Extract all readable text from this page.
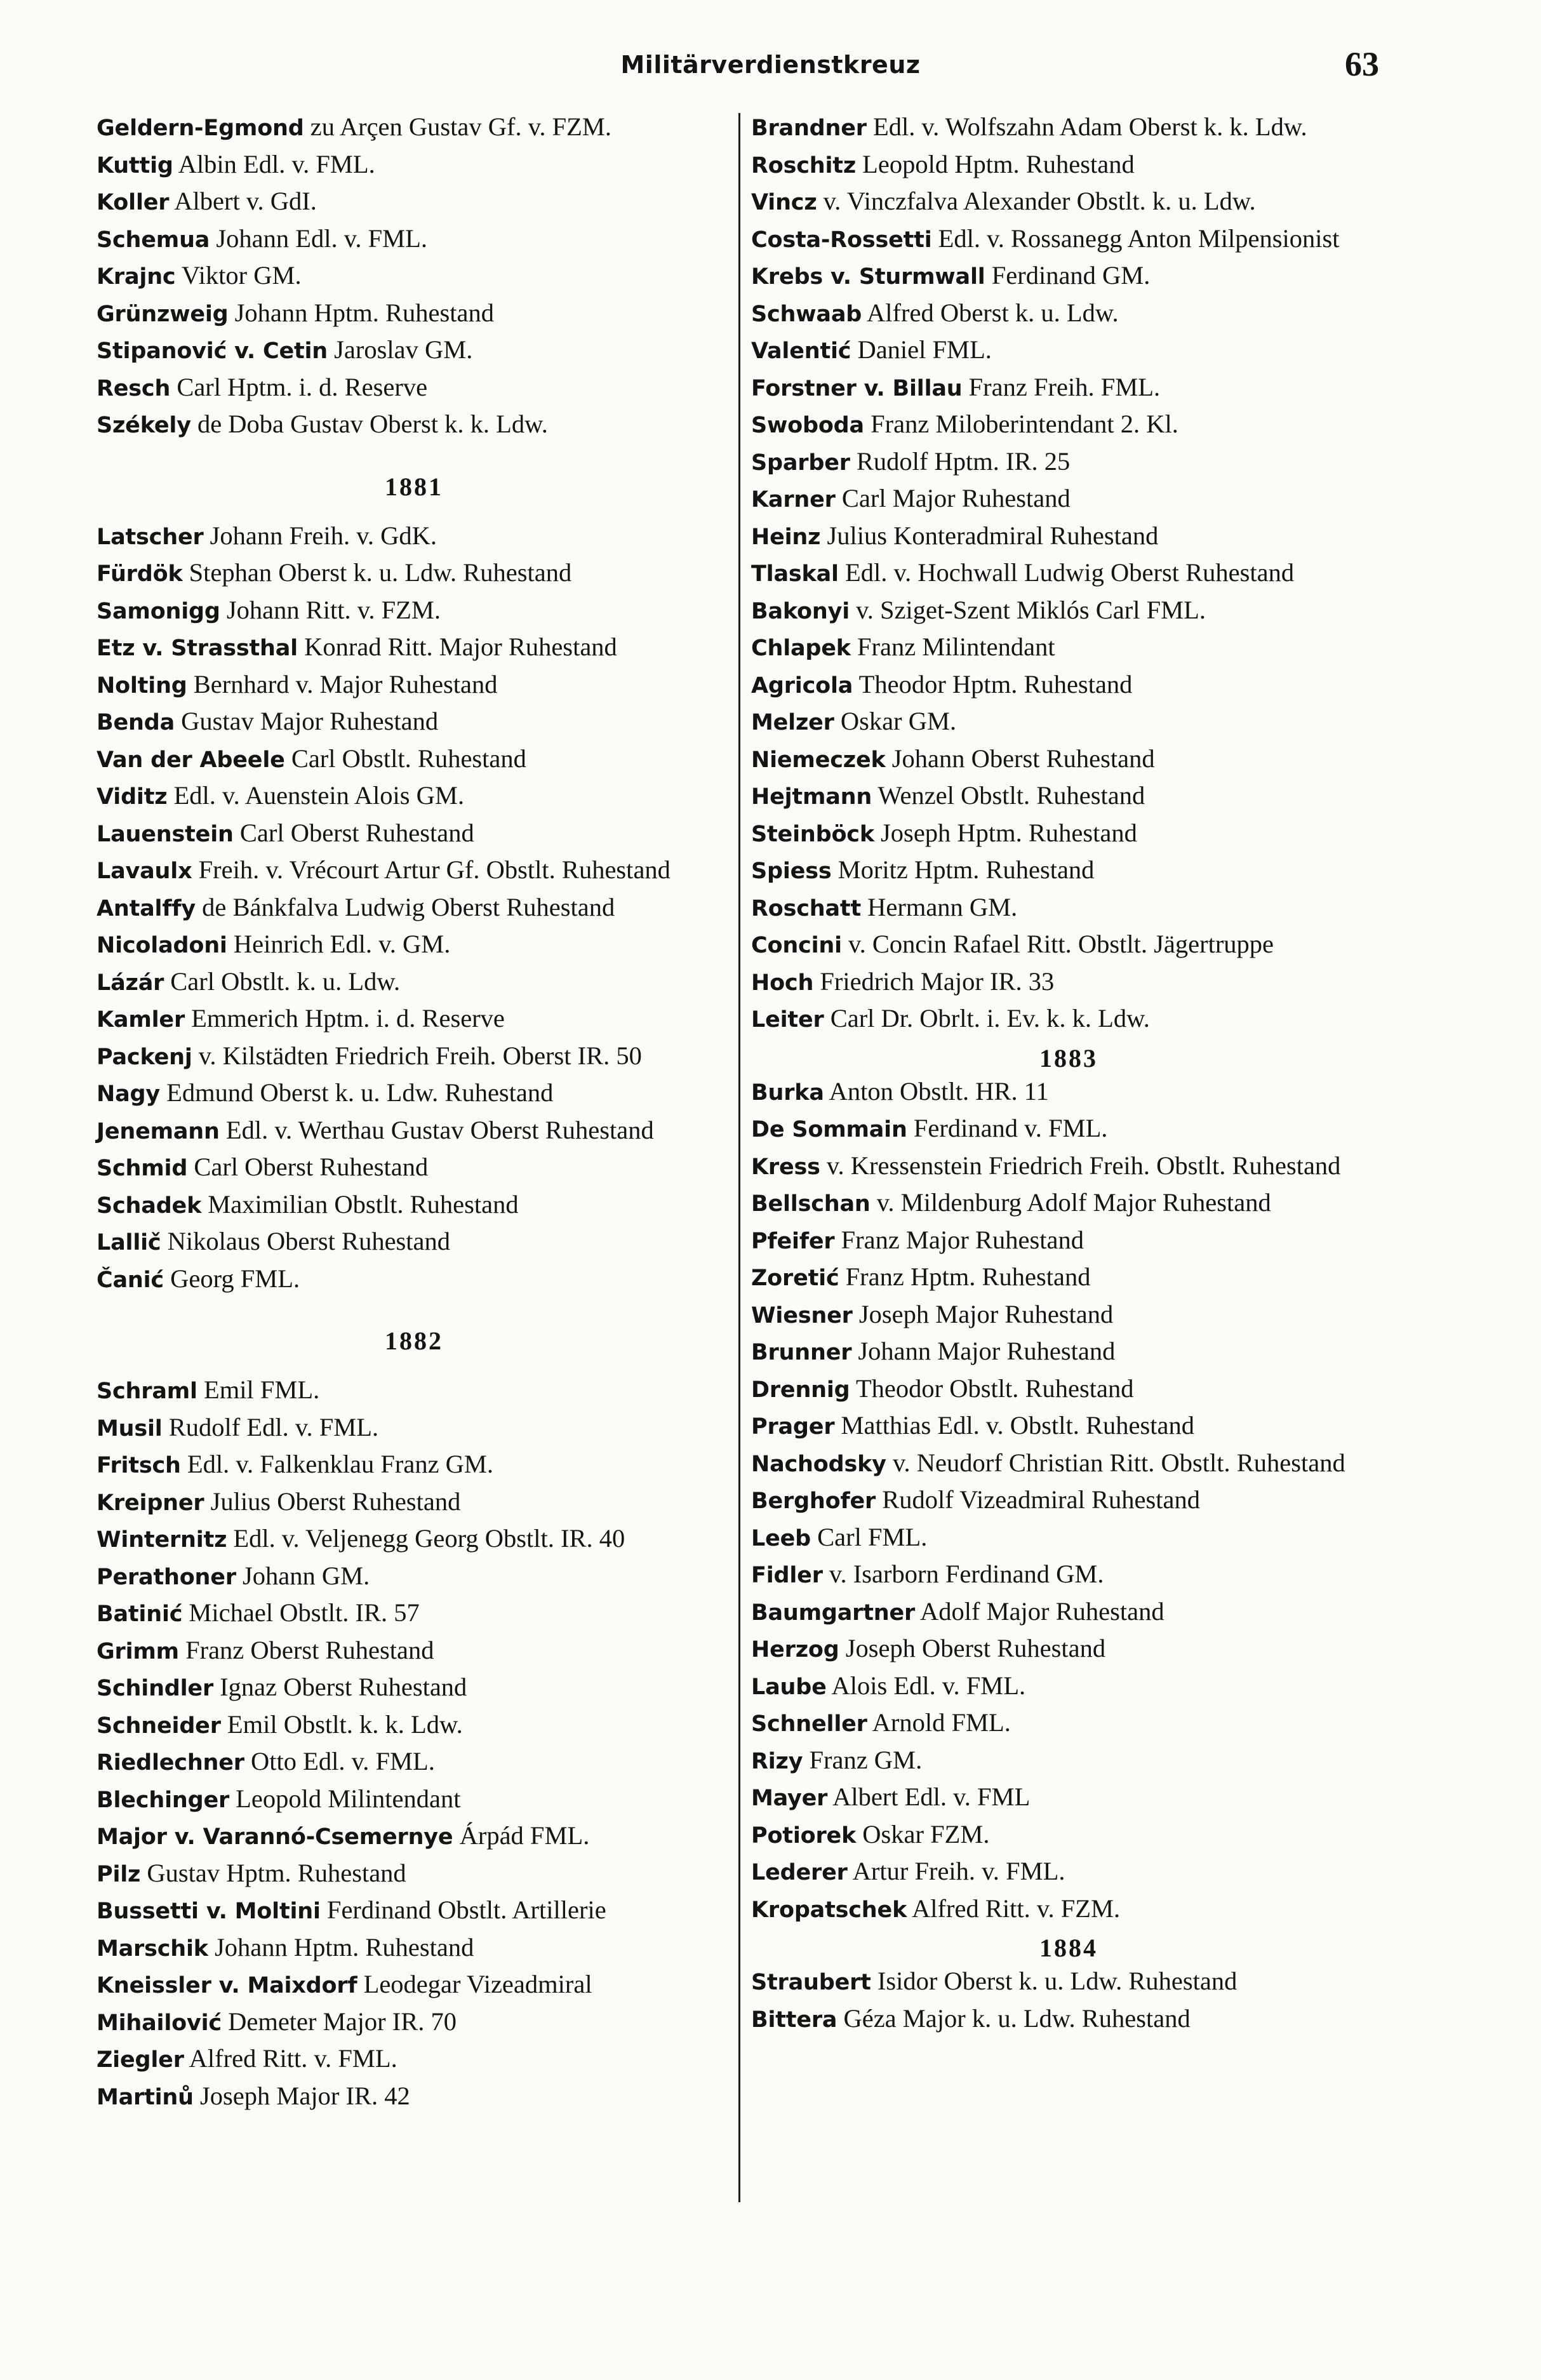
Militärverdienstkreuz	63
Geldern-Egmond zu Arçen Gustav Gf. v. FZM.
Kuttig Albin Edl. v. FML.
Koller Albert v. GdI.
Schemua Johann Edl. v. FML.
Krajnc Viktor GM.
Grünzweig Johann Hptm. Ruhestand
Stipanović v. Cetin Jaroslav GM.
Resch Carl Hptm. i. d. Reserve
Székely de Doba Gustav Oberst k. k. Ldw.
1881
Latscher Johann Freih. v. GdK.
Fürdök Stephan Oberst k. u. Ldw. Ruhestand
Samonigg Johann Ritt. v. FZM.
Etz v. Strassthal Konrad Ritt. Major Ruhestand
Nolting Bernhard v. Major Ruhestand
Benda Gustav Major Ruhestand
Van der Abeele Carl Obstlt. Ruhestand
Viditz Edl. v. Auenstein Alois GM.
Lauenstein Carl Oberst Ruhestand
Lavaulx Freih. v. Vrécourt Artur Gf. Obstlt. Ruhestand
Antalffy de Bánkfalva Ludwig Oberst Ruhestand
Nicoladoni Heinrich Edl. v. GM.
Lázár Carl Obstlt. k. u. Ldw.
Kamler Emmerich Hptm. i. d. Reserve
Packenj v. Kilstädten Friedrich Freih. Oberst IR. 50
Nagy Edmund Oberst k. u. Ldw. Ruhestand
Jenemann Edl. v. Werthau Gustav Oberst Ruhestand
Schmid Carl Oberst Ruhestand
Schadek Maximilian Obstlt. Ruhestand
Lallič Nikolaus Oberst Ruhestand
Čanić Georg FML.
1882
Schraml Emil FML.
Musil Rudolf Edl. v. FML.
Fritsch Edl. v. Falkenklau Franz GM.
Kreipner Julius Oberst Ruhestand
Winternitz Edl. v. Veljenegg Georg Obstlt. IR. 40
Perathoner Johann GM.
Batinić Michael Obstlt. IR. 57
Grimm Franz Oberst Ruhestand
Schindler Ignaz Oberst Ruhestand
Schneider Emil Obstlt. k. k. Ldw.
Riedlechner Otto Edl. v. FML.
Blechinger Leopold Milintendant
Major v. Varannó-Csemernye Árpád FML.
Pilz Gustav Hptm. Ruhestand
Bussetti v. Moltini Ferdinand Obstlt. Artillerie
Marschik Johann Hptm. Ruhestand
Kneissler v. Maixdorf Leodegar Vizeadmiral
Mihailović Demeter Major IR. 70
Ziegler Alfred Ritt. v. FML.
Martinů Joseph Major IR. 42
Brandner Edl. v. Wolfszahn Adam Oberst k. k. Ldw.
Roschitz Leopold Hptm. Ruhestand
Vincz v. Vinczfalva Alexander Obstlt. k. u. Ldw.
Costa-Rossetti Edl. v. Rossanegg Anton Milpensionist
Krebs v. Sturmwall Ferdinand GM.
Schwaab Alfred Oberst k. u. Ldw.
Valentić Daniel FML.
Forstner v. Billau Franz Freih. FML.
Swoboda Franz Miloberintendant 2. Kl.
Sparber Rudolf Hptm. IR. 25
Karner Carl Major Ruhestand
Heinz Julius Konteradmiral Ruhestand
Tlaskal Edl. v. Hochwall Ludwig Oberst Ruhestand
Bakonyi v. Sziget-Szent Miklós Carl FML.
Chlapek Franz Milintendant
Agricola Theodor Hptm. Ruhestand
Melzer Oskar GM.
Niemeczek Johann Oberst Ruhestand
Hejtmann Wenzel Obstlt. Ruhestand
Steinböck Joseph Hptm. Ruhestand
Spiess Moritz Hptm. Ruhestand
Roschatt Hermann GM.
Concini v. Concin Rafael Ritt. Obstlt. Jägertruppe
Hoch Friedrich Major IR. 33
Leiter Carl Dr. Obrlt. i. Ev. k. k. Ldw.
1883
Burka Anton Obstlt. HR. 11
De Sommain Ferdinand v. FML.
Kress v. Kressenstein Friedrich Freih. Obstlt. Ruhestand
Bellschan v. Mildenburg Adolf Major Ruhestand
Pfeifer Franz Major Ruhestand
Zoretić Franz Hptm. Ruhestand
Wiesner Joseph Major Ruhestand
Brunner Johann Major Ruhestand
Drennig Theodor Obstlt. Ruhestand
Prager Matthias Edl. v. Obstlt. Ruhestand
Nachodsky v. Neudorf Christian Ritt. Obstlt. Ruhestand
Berghofer Rudolf Vizeadmiral Ruhestand
Leeb Carl FML.
Fidler v. Isarborn Ferdinand GM.
Baumgartner Adolf Major Ruhestand
Herzog Joseph Oberst Ruhestand
Laube Alois Edl. v. FML.
Schneller Arnold FML.
Rizy Franz GM.
Mayer Albert Edl. v. FML
Potiorek Oskar FZM.
Lederer Artur Freih. v. FML.
Kropatschek Alfred Ritt. v. FZM.
1884
Straubert Isidor Oberst k. u. Ldw. Ruhestand
Bittera Géza Major k. u. Ldw. Ruhestand
